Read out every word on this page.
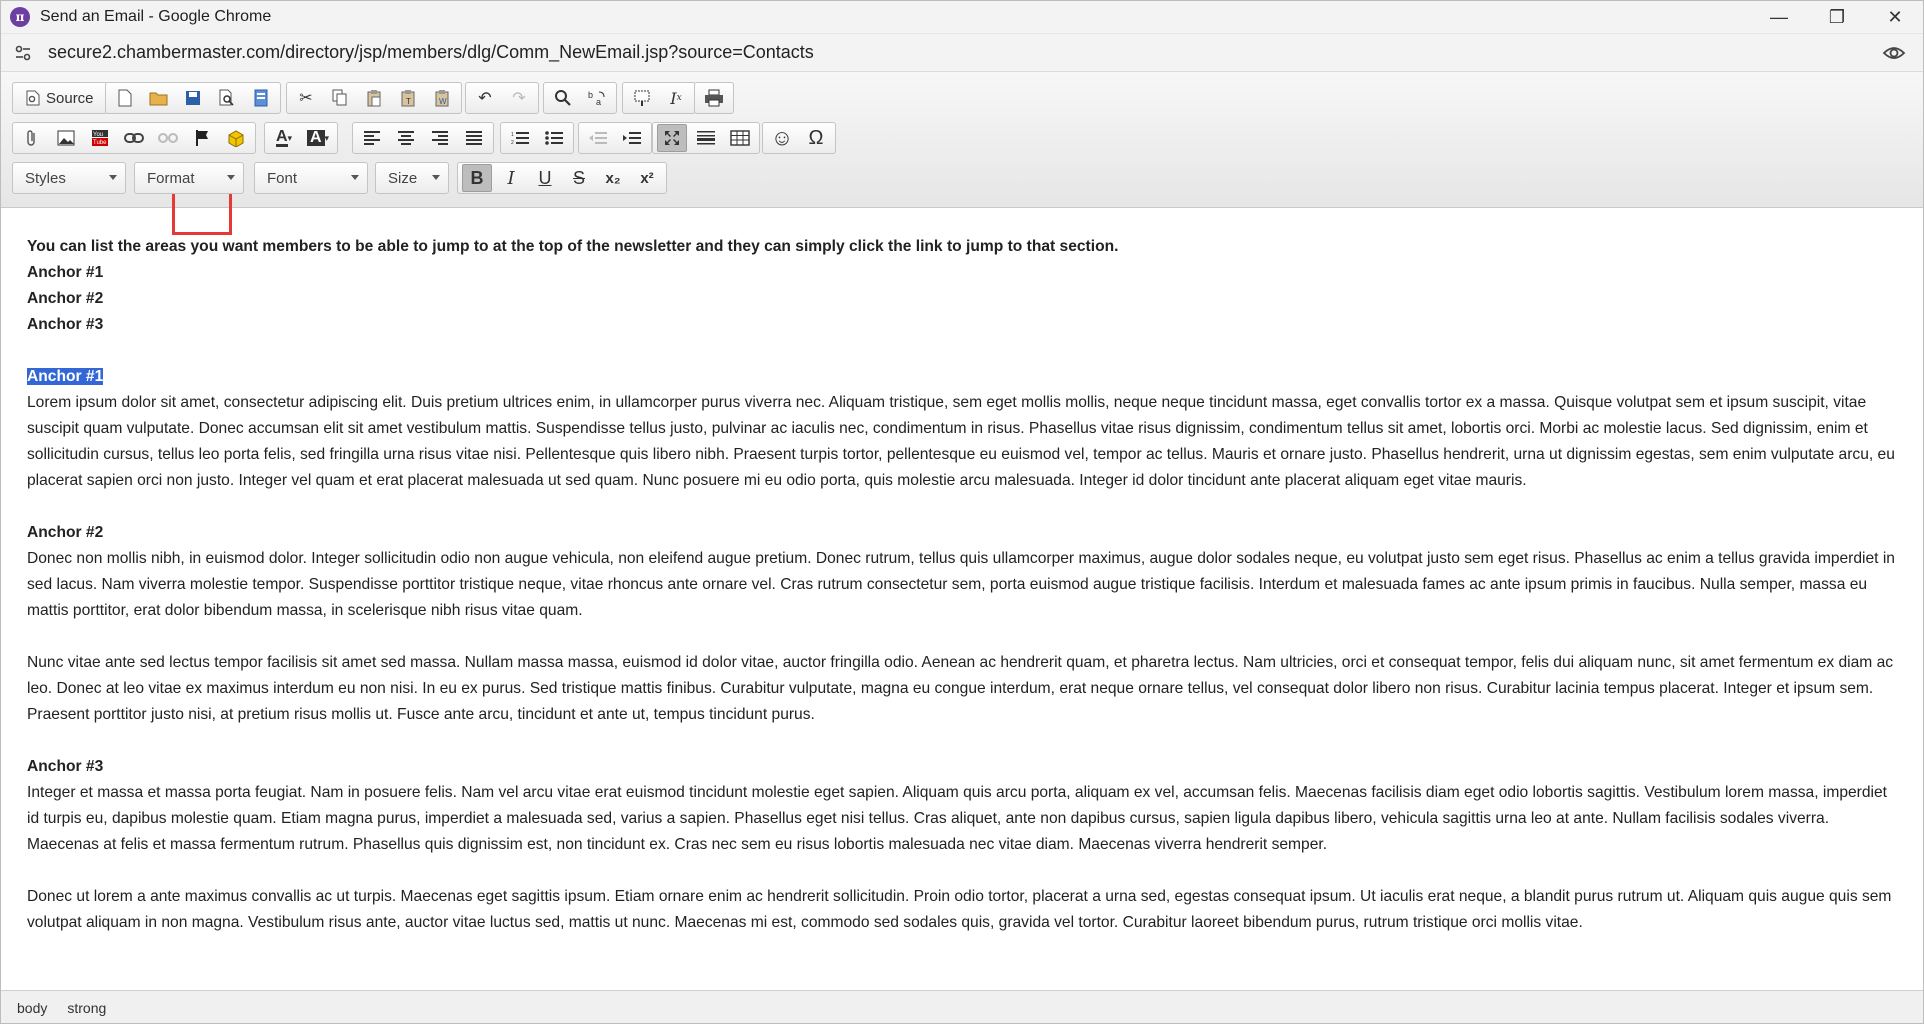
π Send an Email - Google Chrome	—	❐	✕
secure2.chambermaster.com/directory/jsp/members/dlg/Comm_NewEmail.jsp?source=Contacts
Source	✂	T	W	↶	↷	b
a	I x
You
Tube	A ▾ A ▾	1
2	☺ Ω
Styles	Format	Font	Size	B	I	U	S	x₂	x²

You can list the areas you want members to be able to jump to at the top of the newsletter and they can simply click the link to jump to that section.

Anchor #1

Anchor #2

Anchor #3

Anchor #1

Lorem ipsum dolor sit amet, consectetur adipiscing elit. Duis pretium ultrices enim, in ullamcorper purus viverra nec. Aliquam tristique, sem eget mollis mollis, neque neque tincidunt massa, eget convallis tortor ex a massa. Quisque volutpat sem et ipsum suscipit, vitae suscipit quam vulputate. Donec accumsan elit sit amet vestibulum mattis. Suspendisse tellus justo, pulvinar ac iaculis nec, condimentum in risus. Phasellus vitae risus dignissim, condimentum tellus sit amet, lobortis orci. Morbi ac molestie lacus. Sed dignissim, enim et sollicitudin cursus, tellus leo porta felis, sed fringilla urna risus vitae nisi. Pellentesque quis libero nibh. Praesent turpis tortor, pellentesque eu euismod vel, tempor ac tellus. Mauris et ornare justo. Phasellus hendrerit, urna ut dignissim egestas, sem enim vulputate arcu, eu placerat sapien orci non justo. Integer vel quam et erat placerat malesuada ut sed quam. Nunc posuere mi eu odio porta, quis molestie arcu malesuada. Integer id dolor tincidunt ante placerat aliquam eget vitae mauris.

Anchor #2

Donec non mollis nibh, in euismod dolor. Integer sollicitudin odio non augue vehicula, non eleifend augue pretium. Donec rutrum, tellus quis ullamcorper maximus, augue dolor sodales neque, eu volutpat justo sem eget risus. Phasellus ac enim a tellus gravida imperdiet in sed lacus. Nam viverra molestie tempor. Suspendisse porttitor tristique neque, vitae rhoncus ante ornare vel. Cras rutrum consectetur sem, porta euismod augue tristique facilisis. Interdum et malesuada fames ac ante ipsum primis in faucibus. Nulla semper, massa eu mattis porttitor, erat dolor bibendum massa, in scelerisque nibh risus vitae quam.

Nunc vitae ante sed lectus tempor facilisis sit amet sed massa. Nullam massa massa, euismod id dolor vitae, auctor fringilla odio. Aenean ac hendrerit quam, et pharetra lectus. Nam ultricies, orci et consequat tempor, felis dui aliquam nunc, sit amet fermentum ex diam ac leo. Donec at leo vitae ex maximus interdum eu non nisi. In eu ex purus. Sed tristique mattis finibus. Curabitur vulputate, magna eu congue interdum, erat neque ornare tellus, vel consequat dolor libero non risus. Curabitur lacinia tempus placerat. Integer et ipsum sem. Praesent porttitor justo nisi, at pretium risus mollis ut. Fusce ante arcu, tincidunt et ante ut, tempus tincidunt purus.

Anchor #3

Integer et massa et massa porta feugiat. Nam in posuere felis. Nam vel arcu vitae erat euismod tincidunt molestie eget sapien. Aliquam quis arcu porta, aliquam ex vel, accumsan felis. Maecenas facilisis diam eget odio lobortis sagittis. Vestibulum lorem massa, imperdiet id turpis eu, dapibus molestie quam. Etiam magna purus, imperdiet a malesuada sed, varius a sapien. Phasellus eget nisi tellus. Cras aliquet, ante non dapibus cursus, sapien ligula dapibus libero, vehicula sagittis urna leo at ante. Nullam facilisis sodales viverra. Maecenas at felis et massa fermentum rutrum. Phasellus quis dignissim est, non tincidunt ex. Cras nec sem eu risus lobortis malesuada nec vitae diam. Maecenas viverra hendrerit semper.

Donec ut lorem a ante maximus convallis ac ut turpis. Maecenas eget sagittis ipsum. Etiam ornare enim ac hendrerit sollicitudin. Proin odio tortor, placerat a urna sed, egestas consequat ipsum. Ut iaculis erat neque, a blandit purus rutrum ut. Aliquam quis augue quis sem volutpat aliquam in non magna. Vestibulum risus ante, auctor vitae luctus sed, mattis ut nunc. Maecenas mi est, commodo sed sodales quis, gravida vel tortor. Curabitur laoreet bibendum purus, rutrum tristique orci mollis vitae.

body strong
